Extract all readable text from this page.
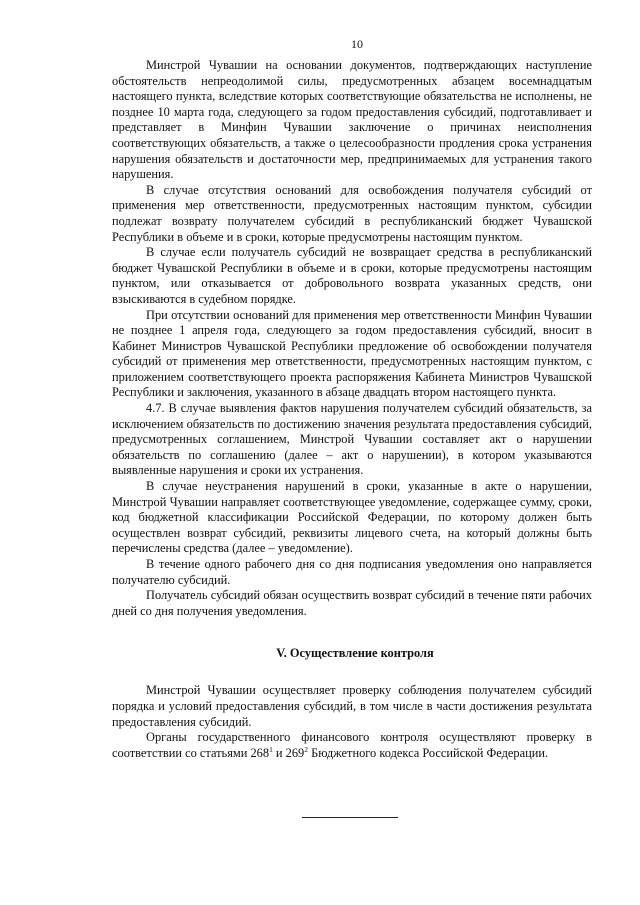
10

Минстрой Чувашии на основании документов, подтверждающих наступление обстоятельств непреодолимой силы, предусмотренных абзацем восемнадцатым настоящего пункта, вследствие которых соответствующие обязательства не исполнены, не позднее 10 марта года, следующего за годом предоставления субсидий, подготавливает и представляет в Минфин Чувашии заключение о причинах неисполнения соответствующих обязательств, а также о целесообразности продления срока устранения нарушения обязательств и достаточности мер, предпринимаемых для устранения такого нарушения.

В случае отсутствия оснований для освобождения получателя субсидий от применения мер ответственности, предусмотренных настоящим пунктом, субсидии подлежат возврату получателем субсидий в республиканский бюджет Чувашской Республики в объеме и в сроки, которые предусмотрены настоящим пунктом.

В случае если получатель субсидий не возвращает средства в республиканский бюджет Чувашской Республики в объеме и в сроки, которые предусмотрены настоящим пунктом, или отказывается от добровольного возврата указанных средств, они взыскиваются в судебном порядке.

При отсутствии оснований для применения мер ответственности Минфин Чувашии не позднее 1 апреля года, следующего за годом предоставления субсидий, вносит в Кабинет Министров Чувашской Республики предложение об освобождении получателя субсидий от применения мер ответственности, предусмотренных настоящим пунктом, с приложением соответствующего проекта распоряжения Кабинета Министров Чувашской Республики и заключения, указанного в абзаце двадцать втором настоящего пункта.

4.7. В случае выявления фактов нарушения получателем субсидий обязательств, за исключением обязательств по достижению значения результата предоставления субсидий, предусмотренных соглашением, Минстрой Чувашии составляет акт о нарушении обязательств по соглашению (далее – акт о нарушении), в котором указываются выявленные нарушения и сроки их устранения.

В случае неустранения нарушений в сроки, указанные в акте о нарушении, Минстрой Чувашии направляет соответствующее уведомление, содержащее сумму, сроки, код бюджетной классификации Российской Федерации, по которому должен быть осуществлен возврат субсидий, реквизиты лицевого счета, на который должны быть перечислены средства (далее – уведомление).

В течение одного рабочего дня со дня подписания уведомления оно направляется получателю субсидий.

Получатель субсидий обязан осуществить возврат субсидий в течение пяти рабочих дней со дня получения уведомления.

V. Осуществление контроля

Минстрой Чувашии осуществляет проверку соблюдения получателем субсидий порядка и условий предоставления субсидий, в том числе в части достижения результата предоставления субсидий.

Органы государственного финансового контроля осуществляют проверку в соответствии со статьями $268^1$ и $269^2$ Бюджетного кодекса Российской Федерации.
